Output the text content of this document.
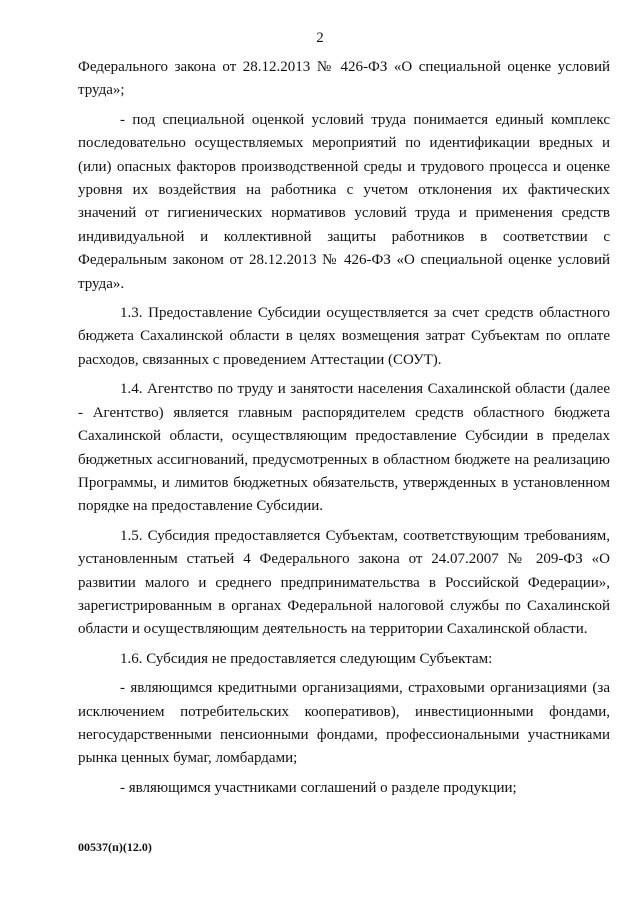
2

Федерального закона от 28.12.2013 № 426-ФЗ «О специальной оценке условий труда»;

- под специальной оценкой условий труда понимается единый комплекс последовательно осуществляемых мероприятий по идентификации вредных и (или) опасных факторов производственной среды и трудового процесса и оценке уровня их воздействия на работника с учетом отклонения их фактических значений от гигиенических нормативов условий труда и применения средств индивидуальной и коллективной защиты работников в соответствии с Федеральным законом от 28.12.2013 № 426-ФЗ «О специальной оценке условий труда».

1.3. Предоставление Субсидии осуществляется за счет средств областного бюджета Сахалинской области в целях возмещения затрат Субъектам по оплате расходов, связанных с проведением Аттестации (СОУТ).

1.4. Агентство по труду и занятости населения Сахалинской области (далее - Агентство) является главным распорядителем средств областного бюджета Сахалинской области, осуществляющим предоставление Субсидии в пределах бюджетных ассигнований, предусмотренных в областном бюджете на реализацию Программы, и лимитов бюджетных обязательств, утвержденных в установленном порядке на предоставление Субсидии.

1.5. Субсидия предоставляется Субъектам, соответствующим требованиям, установленным статьей 4 Федерального закона от 24.07.2007 № 209-ФЗ «О развитии малого и среднего предпринимательства в Российской Федерации», зарегистрированным в органах Федеральной налоговой службы по Сахалинской области и осуществляющим деятельность на территории Сахалинской области.

1.6. Субсидия не предоставляется следующим Субъектам:

- являющимся кредитными организациями, страховыми организациями (за исключением потребительских кооперативов), инвестиционными фондами, негосударственными пенсионными фондами, профессиональными участниками рынка ценных бумаг, ломбардами;

- являющимся участниками соглашений о разделе продукции;

00537(п)(12.0)
